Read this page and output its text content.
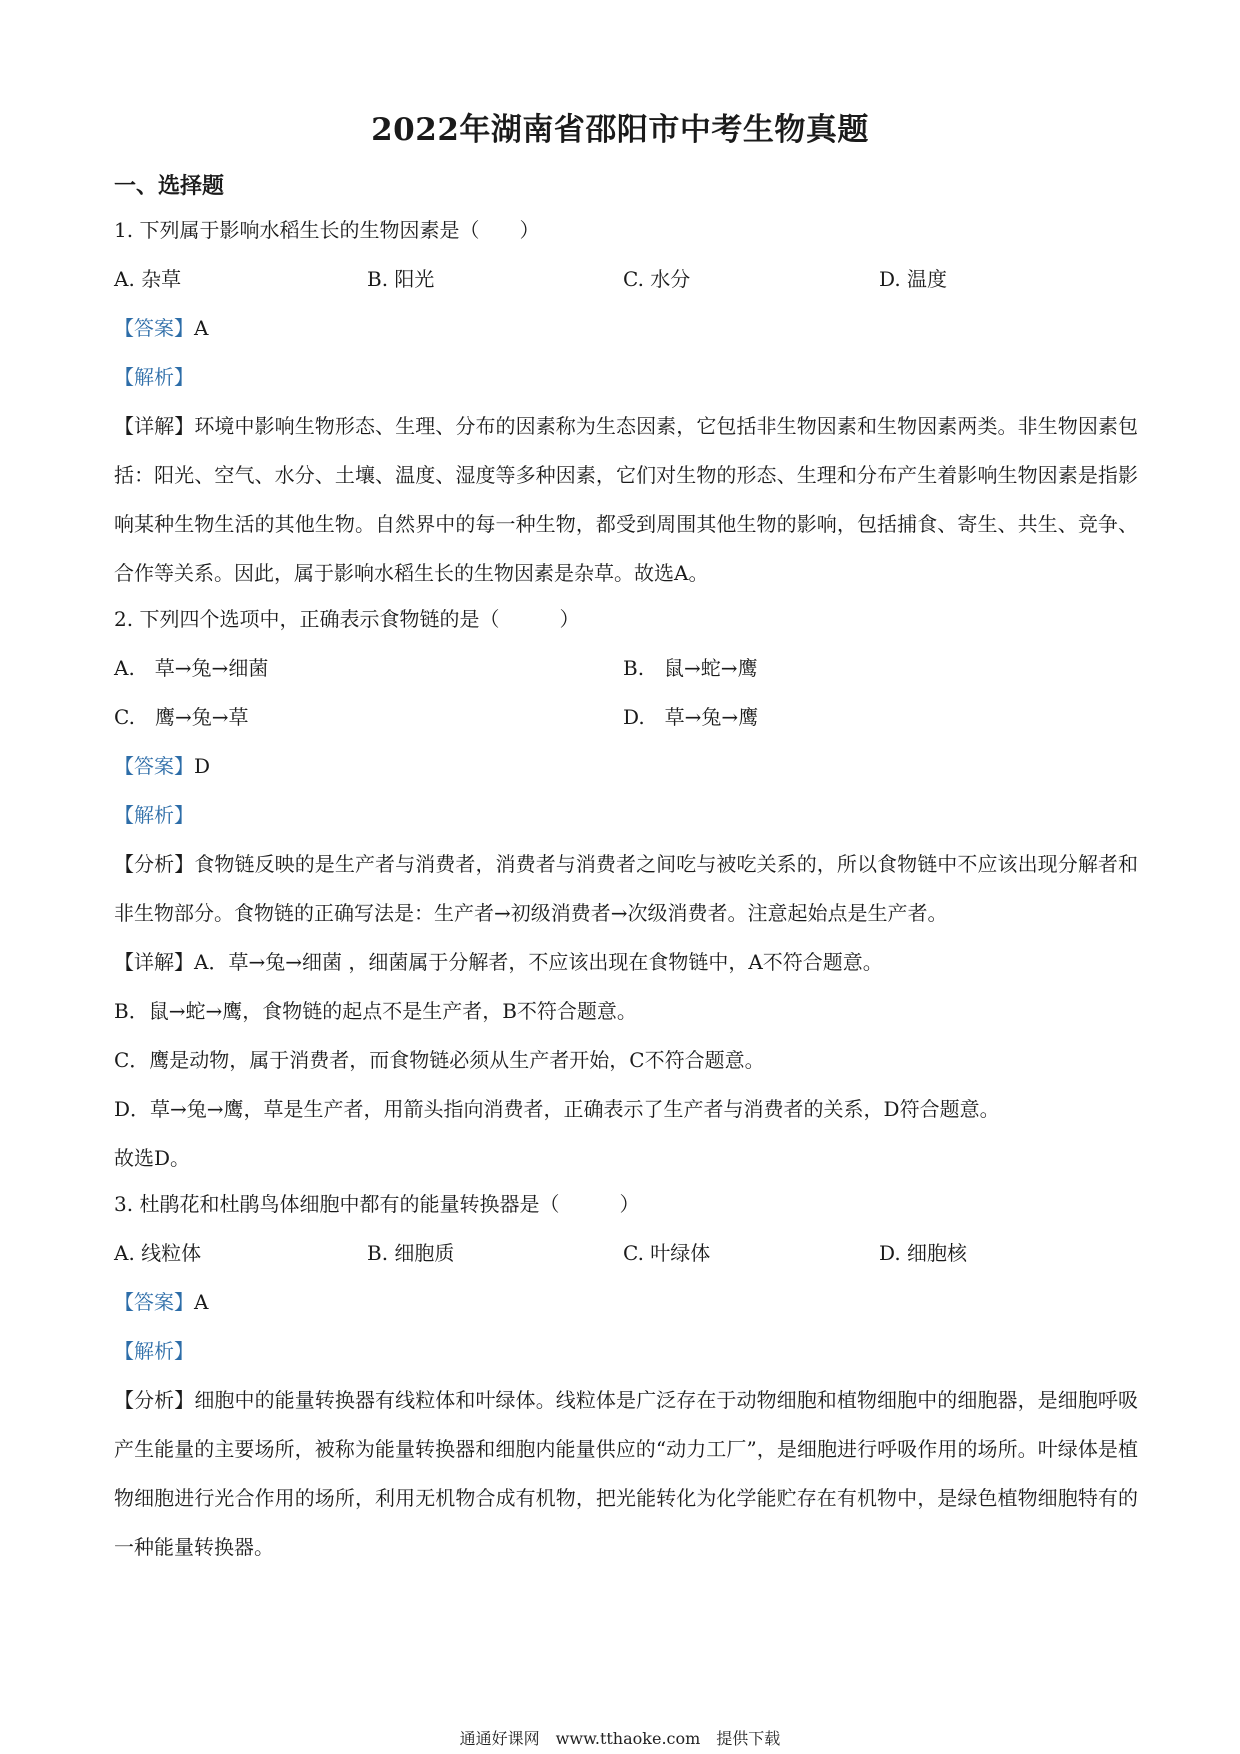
2022年湖南省邵阳市中考生物真题
一、选择题
1. 下列属于影响水稻生长的生物因素是（　　）
A. 杂草	B. 阳光	C. 水分	D. 温度
【答案】A
【解析】
【详解】环境中影响生物形态、生理、分布的因素称为生态因素，它包括非生物因素和生物因素两类。非生物因素包括：阳光、空气、水分、土壤、温度、湿度等多种因素，它们对生物的形态、生理和分布产生着影响生物因素是指影响某种生物生活的其他生物。自然界中的每一种生物，都受到周围其他生物的影响，包括捕食、寄生、共生、竞争、合作等关系。因此，属于影响水稻生长的生物因素是杂草。故选A。
2. 下列四个选项中，正确表示食物链的是（　　　）
A.　草→兔→细菌	B.　鼠→蛇→鹰
C.　鹰→兔→草	D.　草→兔→鹰
【答案】D
【解析】
【分析】食物链反映的是生产者与消费者，消费者与消费者之间吃与被吃关系的，所以食物链中不应该出现分解者和非生物部分。食物链的正确写法是：生产者→初级消费者→次级消费者。注意起始点是生产者。
【详解】A．草→兔→细菌 ，细菌属于分解者，不应该出现在食物链中，A不符合题意。
B．鼠→蛇→鹰，食物链的起点不是生产者，B不符合题意。
C．鹰是动物，属于消费者，而食物链必须从生产者开始，C不符合题意。
D．草→兔→鹰，草是生产者，用箭头指向消费者，正确表示了生产者与消费者的关系，D符合题意。
故选D。
3. 杜鹃花和杜鹃鸟体细胞中都有的能量转换器是（　　　）
A. 线粒体	B. 细胞质	C. 叶绿体	D. 细胞核
【答案】A
【解析】
【分析】细胞中的能量转换器有线粒体和叶绿体。线粒体是广泛存在于动物细胞和植物细胞中的细胞器，是细胞呼吸产生能量的主要场所，被称为能量转换器和细胞内能量供应的“动力工厂”，是细胞进行呼吸作用的场所。叶绿体是植物细胞进行光合作用的场所，利用无机物合成有机物，把光能转化为化学能贮存在有机物中，是绿色植物细胞特有的一种能量转换器。
通通好课网　www.tthaoke.com　提供下载
